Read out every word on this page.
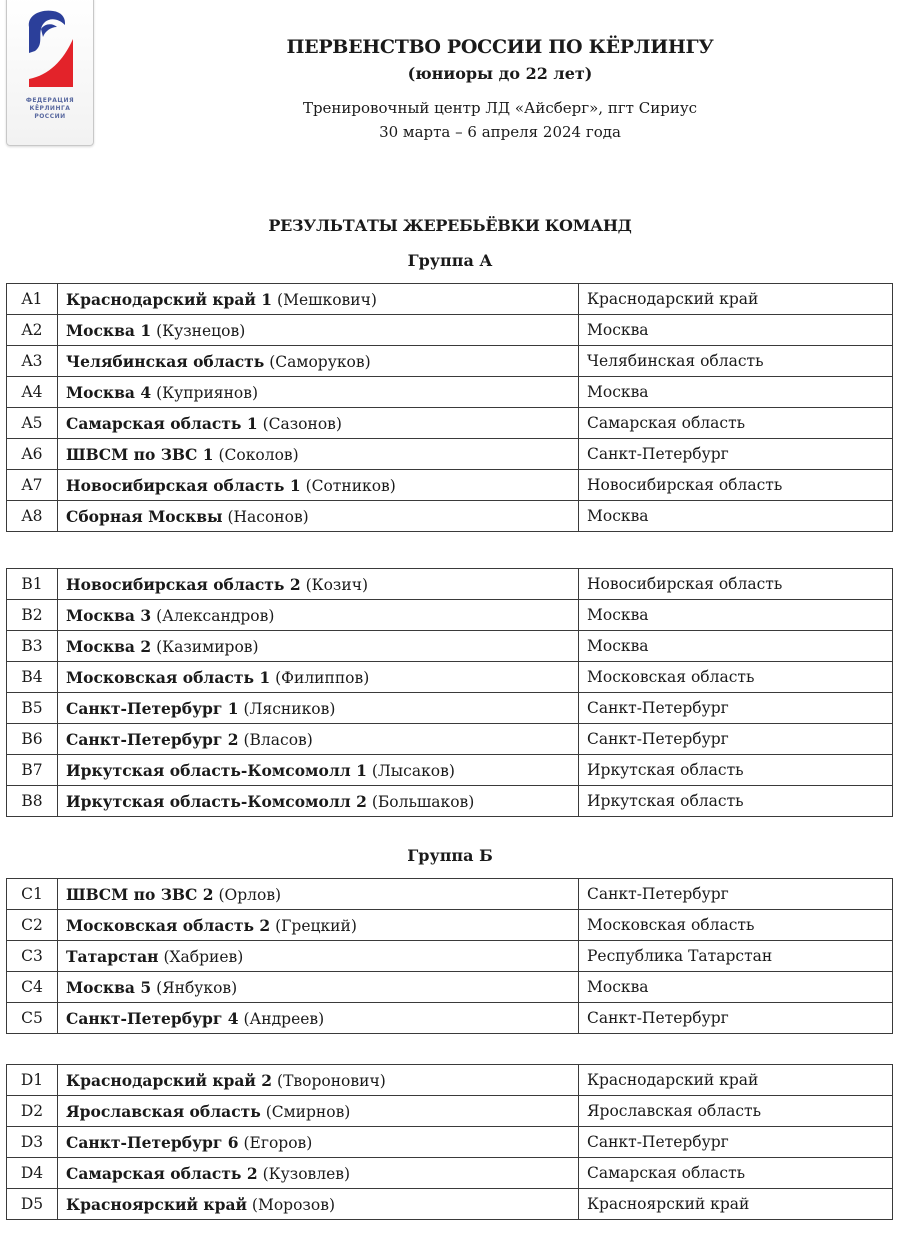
ФЕДЕРАЦИЯ
КЁРЛИНГА
РОССИИ
ПЕРВЕНСТВО РОССИИ ПО КЁРЛИНГУ
(юниоры до 22 лет)
Тренировочный центр ЛД «Айсберг», пгт Сириус
30 марта – 6 апреля 2024 года
РЕЗУЛЬТАТЫ ЖЕРЕБЬЁВКИ КОМАНД
Группа А
A1	Краснодарский край 1 (Мешкович)	Краснодарский край
A2	Москва 1 (Кузнецов)	Москва
A3	Челябинская область (Саморуков)	Челябинская область
A4	Москва 4 (Куприянов)	Москва
A5	Самарская область 1 (Сазонов)	Самарская область
A6	ШВСМ по ЗВС 1 (Соколов)	Санкт-Петербург
A7	Новосибирская область 1 (Сотников)	Новосибирская область
A8	Сборная Москвы (Насонов)	Москва
B1	Новосибирская область 2 (Козич)	Новосибирская область
B2	Москва 3 (Александров)	Москва
B3	Москва 2 (Казимиров)	Москва
B4	Московская область 1 (Филиппов)	Московская область
B5	Санкт-Петербург 1 (Лясников)	Санкт-Петербург
B6	Санкт-Петербург 2 (Власов)	Санкт-Петербург
B7	Иркутская область-Комсомолл 1 (Лысаков)	Иркутская область
B8	Иркутская область-Комсомолл 2 (Большаков)	Иркутская область
Группа Б
C1	ШВСМ по ЗВС 2 (Орлов)	Санкт-Петербург
C2	Московская область 2 (Грецкий)	Московская область
C3	Татарстан (Хабриев)	Республика Татарстан
C4	Москва 5 (Янбуков)	Москва
C5	Санкт-Петербург 4 (Андреев)	Санкт-Петербург
D1	Краснодарский край 2 (Творонович)	Краснодарский край
D2	Ярославская область (Смирнов)	Ярославская область
D3	Санкт-Петербург 6 (Егоров)	Санкт-Петербург
D4	Самарская область 2 (Кузовлев)	Самарская область
D5	Красноярский край (Морозов)	Красноярский край
